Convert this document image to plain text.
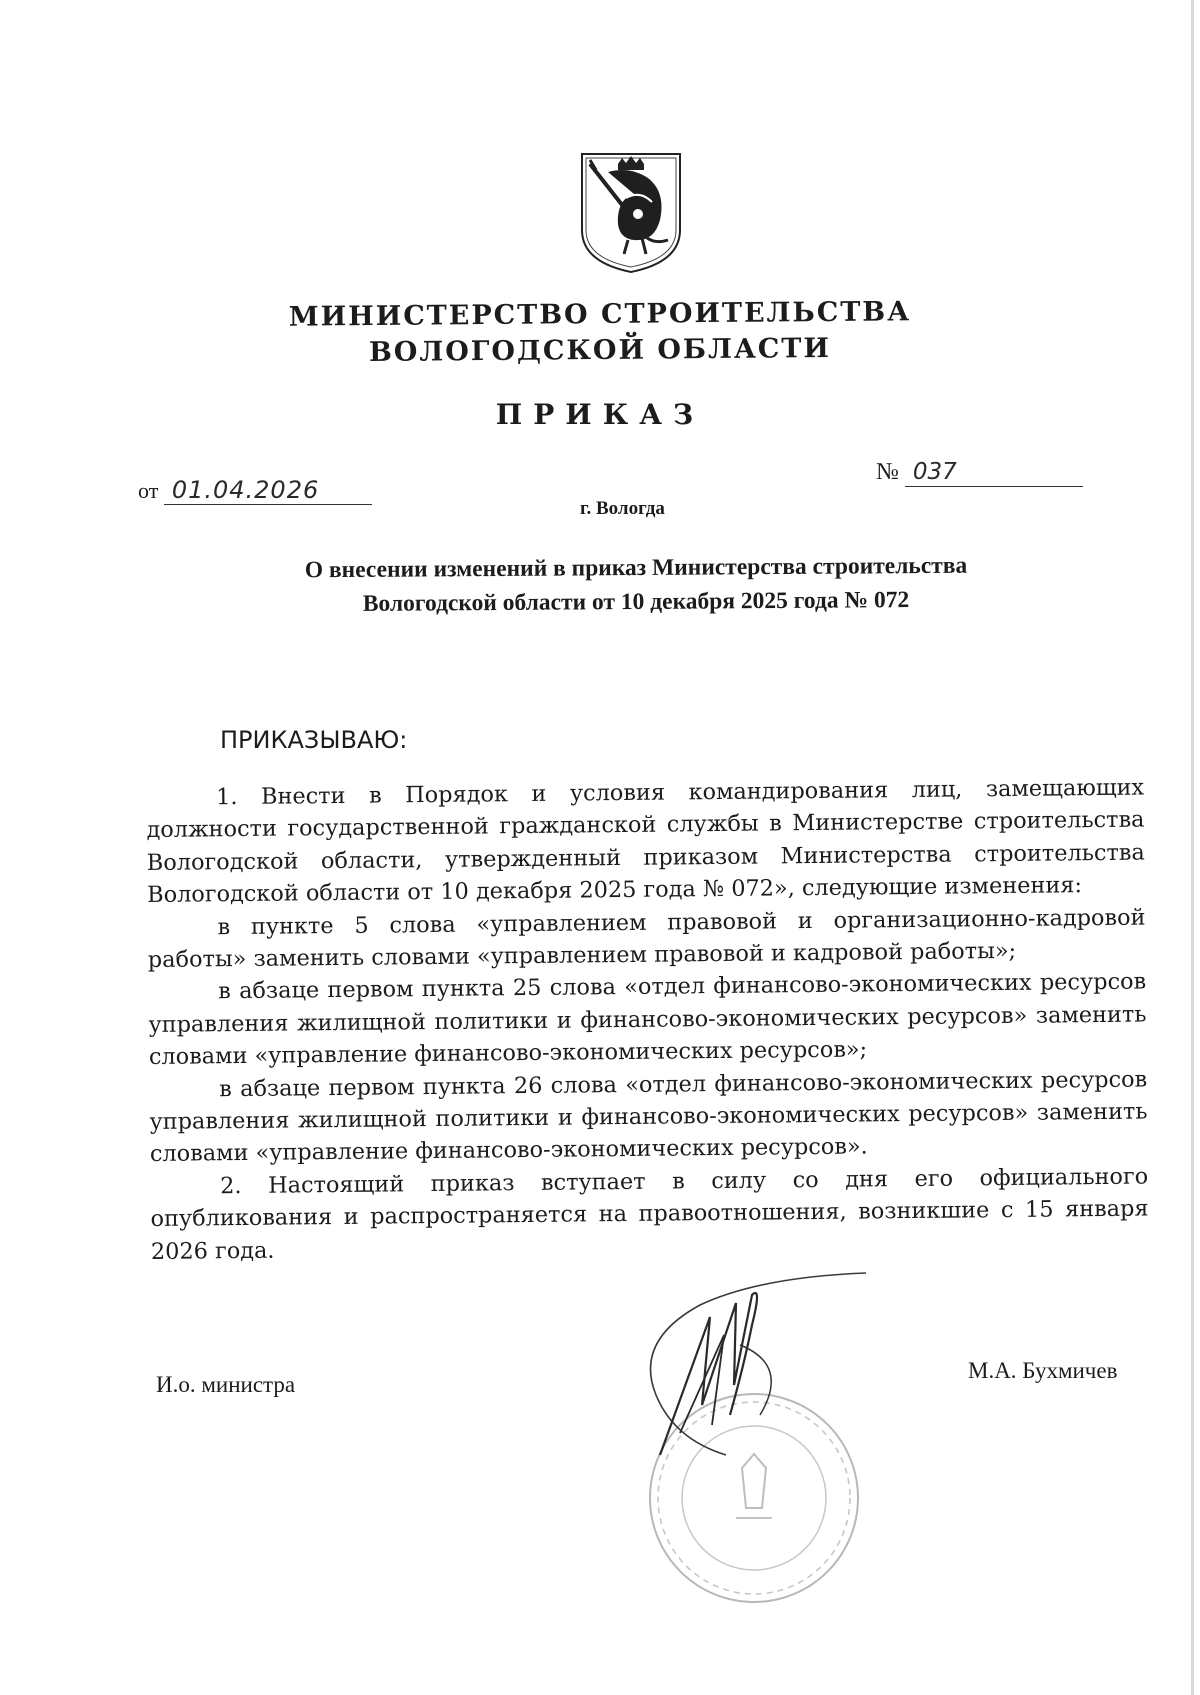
МИНИСТЕРСТВО СТРОИТЕЛЬСТВА
ВОЛОГОДСКОЙ ОБЛАСТИ
ПРИКАЗ
от 01.04.2026
№ 037
г. Вологда
О внесении изменений в приказ Министерства строительства
Вологодской области от 10 декабря 2025 года № 072
ПРИКАЗЫВАЮ:

1. Внести в Порядок и условия командирования лиц, замещающих должности государственной гражданской службы в Министерстве строительства Вологодской области, утвержденный приказом Министерства строительства Вологодской области от 10 декабря 2025 года № 072», следующие изменения:

в пункте 5 слова «управлением правовой и организационно-кадровой работы» заменить словами «управлением правовой и кадровой работы»;

в абзаце первом пункта 25 слова «отдел финансово-экономических ресурсов управления жилищной политики и финансово-экономических ресурсов» заменить словами «управление финансово-экономических ресурсов»;

в абзаце первом пункта 26 слова «отдел финансово-экономических ресурсов управления жилищной политики и финансово-экономических ресурсов» заменить словами «управление финансово-экономических ресурсов».

2. Настоящий приказ вступает в силу со дня его официального опубликования и распространяется на правоотношения, возникшие с 15 января 2026 года.

И.о. министра
М.А. Бухмичев
